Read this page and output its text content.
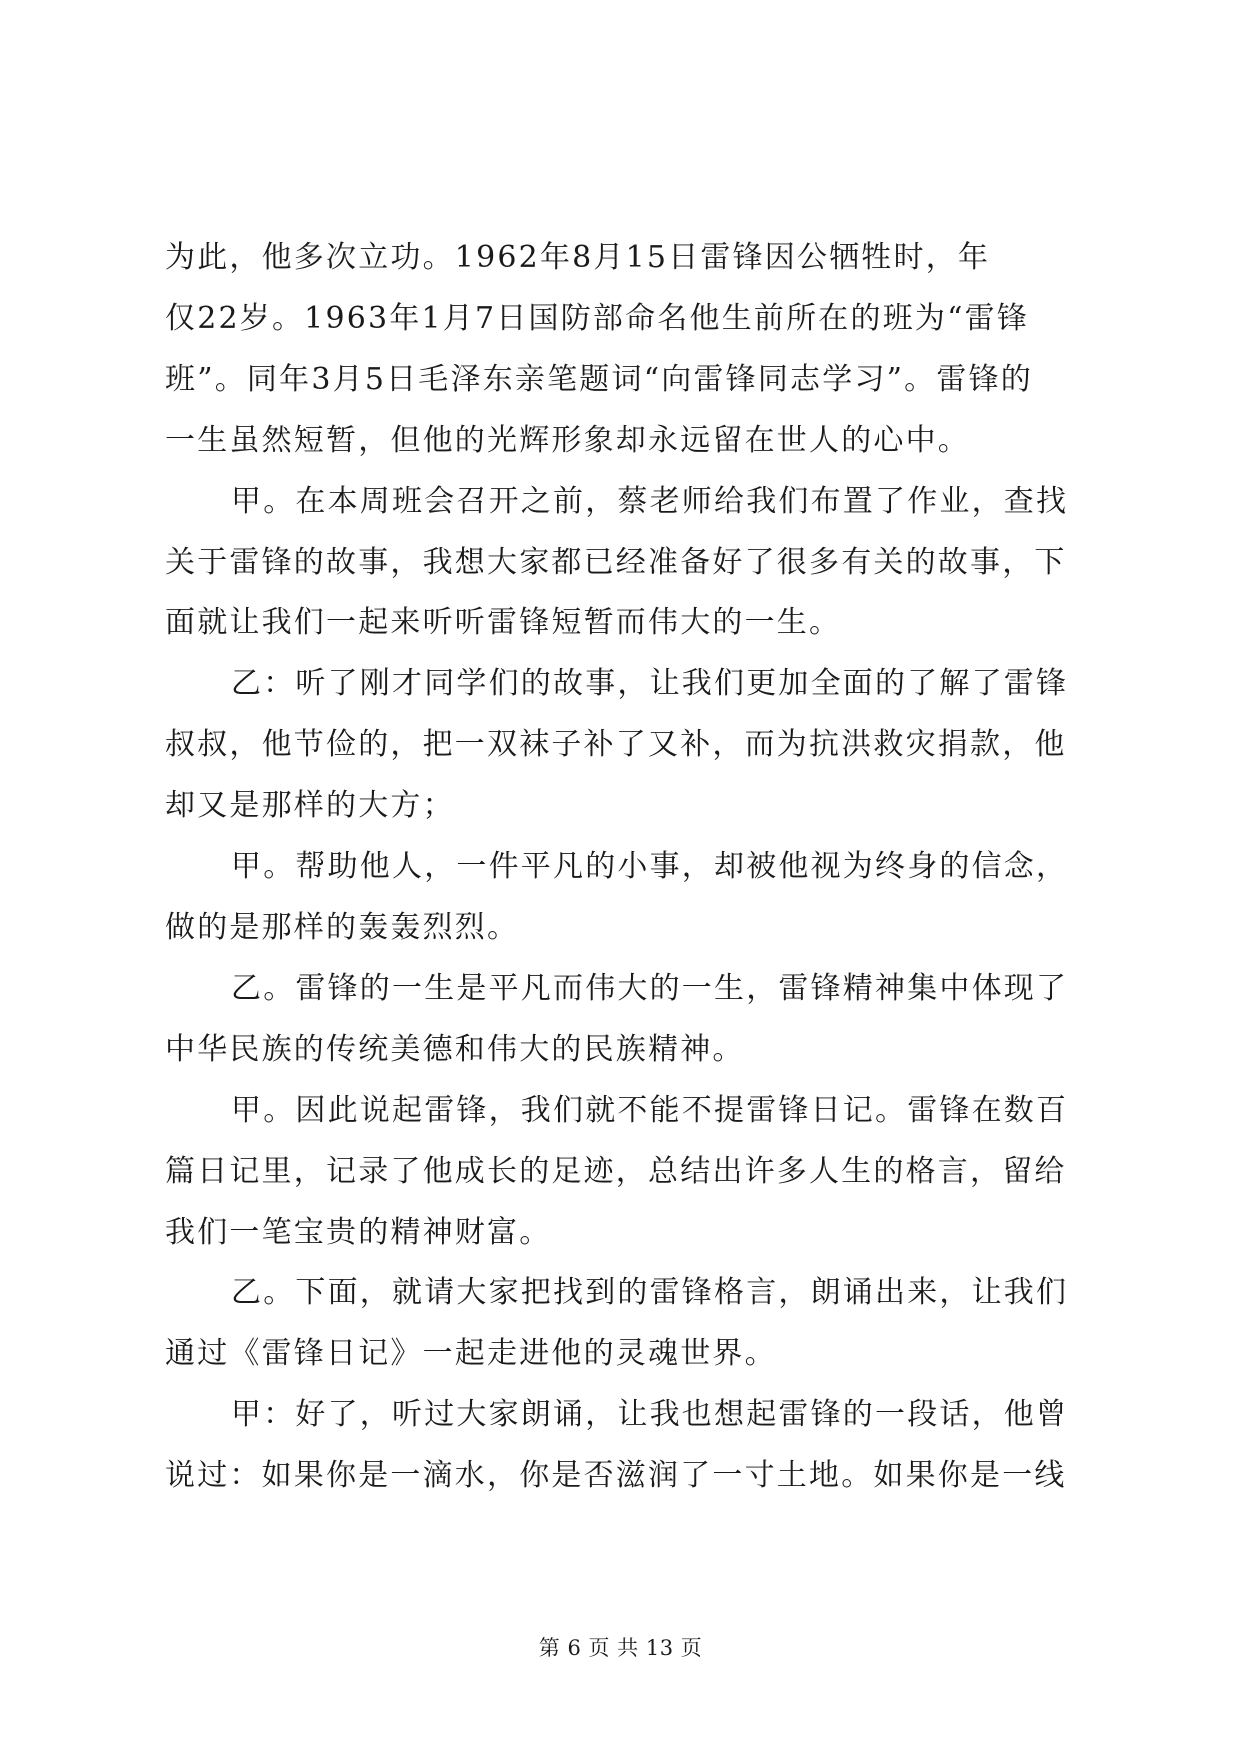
为此，他多次立功。1962年8月15日雷锋因公牺牲时，年
仅22岁。1963年1月7日国防部命名他生前所在的班为“雷锋
班”。同年3月5日毛泽东亲笔题词“向雷锋同志学习”。雷锋的
一生虽然短暂，但他的光辉形象却永远留在世人的心中。

甲。在本周班会召开之前，蔡老师给我们布置了作业，查找
关于雷锋的故事，我想大家都已经准备好了很多有关的故事，下
面就让我们一起来听听雷锋短暂而伟大的一生。

乙：听了刚才同学们的故事，让我们更加全面的了解了雷锋
叔叔，他节俭的，把一双袜子补了又补，而为抗洪救灾捐款，他
却又是那样的大方；

甲。帮助他人，一件平凡的小事，却被他视为终身的信念，
做的是那样的轰轰烈烈。

乙。雷锋的一生是平凡而伟大的一生，雷锋精神集中体现了
中华民族的传统美德和伟大的民族精神。

甲。因此说起雷锋，我们就不能不提雷锋日记。雷锋在数百
篇日记里，记录了他成长的足迹，总结出许多人生的格言，留给
我们一笔宝贵的精神财富。

乙。下面，就请大家把找到的雷锋格言，朗诵出来，让我们
通过《雷锋日记》一起走进他的灵魂世界。

甲：好了，听过大家朗诵，让我也想起雷锋的一段话，他曾
说过：如果你是一滴水，你是否滋润了一寸土地。如果你是一线

第 6 页 共 13 页
